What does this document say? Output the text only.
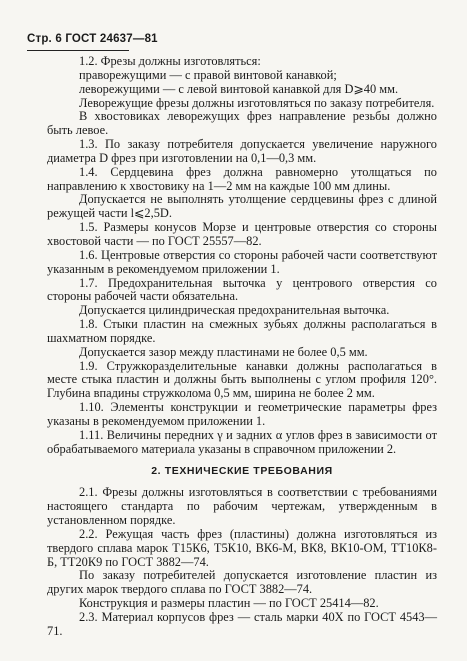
Стр. 6 ГОСТ 24637—81

1.2. Фрезы должны изготовляться:

праворежущими — с правой винтовой канавкой;

леворежущими — с левой винтовой канавкой для D⩾40 мм.

Леворежущие фрезы должны изготовляться по заказу потребителя.

В хвостовиках леворежущих фрез направление резьбы должно быть левое.

1.3. По заказу потребителя допускается увеличение наружного диаметра D фрез при изготовлении на 0,1—0,3 мм.

1.4. Сердцевина фрез должна равномерно утолщаться по направлению к хвостовику на 1—2 мм на каждые 100 мм длины.

Допускается не выполнять утолщение сердцевины фрез с длиной режущей части l⩽2,5D.

1.5. Размеры конусов Морзе и центровые отверстия со стороны хвостовой части — по ГОСТ 25557—82.

1.6. Центровые отверстия со стороны рабочей части соответствуют указанным в рекомендуемом приложении 1.

1.7. Предохранительная выточка у центрового отверстия со стороны рабочей части обязательна.

Допускается цилиндрическая предохранительная выточка.

1.8. Стыки пластин на смежных зубьях должны располагаться в шахматном порядке.

Допускается зазор между пластинами не более 0,5 мм.

1.9. Стружкоразделительные канавки должны располагаться в месте стыка пластин и должны быть выполнены с углом профиля 120°. Глубина впадины стружколома 0,5 мм, ширина не более 2 мм.

1.10. Элементы конструкции и геометрические параметры фрез указаны в рекомендуемом приложении 1.

1.11. Величины передних γ и задних α углов фрез в зависимости от обрабатываемого материала указаны в справочном приложении 2.

2. ТЕХНИЧЕСКИЕ ТРЕБОВАНИЯ

2.1. Фрезы должны изготовляться в соответствии с требованиями настоящего стандарта по рабочим чертежам, утвержденным в установленном порядке.

2.2. Режущая часть фрез (пластины) должна изготовляться из твердого сплава марок Т15К6, Т5К10, ВК6-М, ВК8, ВК10-ОМ, ТТ10К8-Б, ТТ20К9 по ГОСТ 3882—74.

По заказу потребителей допускается изготовление пластин из других марок твердого сплава по ГОСТ 3882—74.

Конструкция и размеры пластин — по ГОСТ 25414—82.

2.3. Материал корпусов фрез — сталь марки 40Х по ГОСТ 4543—71.
